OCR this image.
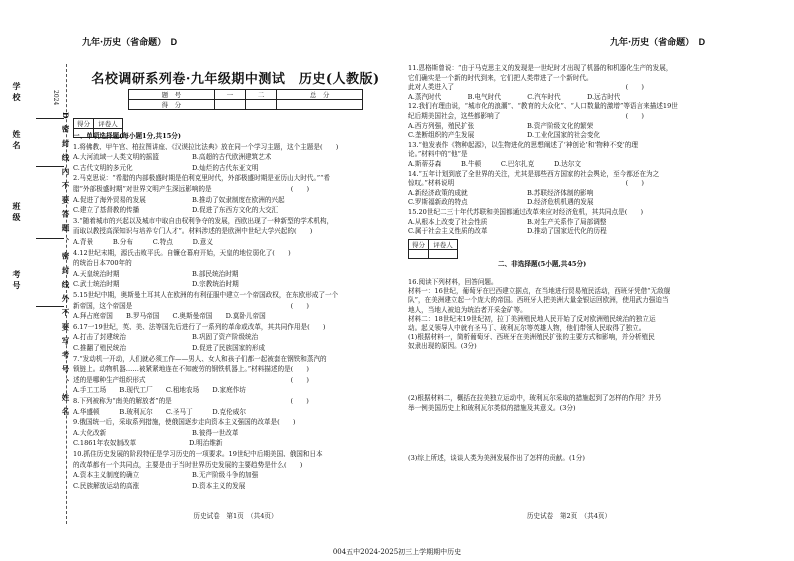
2024
学 校
姓 名
班 级
考 号	D 密 封 线 内 不 要 答 题 、 密 封 线 外 不 要 写 考 号 、 姓 名
九年·历史（省命题）　 D	九年·历史（省命题）　 D
名校调研系列卷·九年级期中测试　历史(人教版)
题　号	一	二	总　分
得　分			
得分	评卷人

一、单项选择题(每小题1分,共15分)
1.将佛教、甲午宫、柏拉图讲座、《汉谟拉比法典》放在同一个学习主题，这个主题是(　　)
A.大河流域一人类文明的摇篮　　　　　B.高超的古代欧洲建筑艺术
C.古代文明的多元化　　　　　　　　　D.灿烂的古代东亚文明
2.马克思说：“希腊的内部极盛时期是伯利克里时代，外部极盛时期是亚历山大时代。”“希
腊”外部极盛时期”对世界文明产生深远影响的是　　　　　　　　　　　　(　　)
A.促进了海外贸易的发展　　　　　　　B.推动了奴隶制度在欧洲的兴起
C.建立了基督教的传播　　　　　　　　D.促进了东西方文化的大交汇
3.“随着城市的兴起以及城市中取自由权利争夺的发展，西欧出现了一种新型的学术机构，
而取以教授高深知识与培养专门人才”。材料涉述的是欧洲中世纪大学兴起的(　　)
A.背景　　　B.分布　　　C.特点　　　D.意义
4.12世纪末期，源氏击败平氏。自镰仓幕府开始，天皇的地位弱化了(　　)
的统治日本700年的
A.天皇统治时期　　　　　　　　　　　B.部民统治时期
C.武士统治时期　　　　　　　　　　　D.宗教统治时期
5.15世纪中期，奥斯曼土耳其人在欧洲的有利征服中建立一个帝国政权，在东欧形成了一个
新帝国，这个帝国是　　　　　　　　　　　　　　　　　　　　　　　　(　　)
A.拜占庭帝国　　B.罗马帝国　　C.奥斯曼帝国　　D.莫卧儿帝国
6.17一19世纪，英、美、法等国先后进行了一系列的革命或改革，其共同作用是(　　)
A.打击了封建统治　　　　　　　　　　B.巩固了资产阶级统治
C.推翻了殖民统治　　　　　　　　　　D.促进了民族国家的形成
7.“发动机一开动，人们就必须工作——男人、女人和孩子们都一起被套在钢铁和蒸汽的
锁链上。动物机器……被紧紧地连在不知疲劳的钢铁机器上。”材料描述的是(　　)
述的是哪种生产组织形式　　　　　　　　　　　　　　　　　　　　　　(　　)
A.手工工场　　B.现代工厂　　C.租地农场　　D.家庭作坊
8.下列被称为“南美的解放者”的是　　　　　　　　　　　　　　　　　　(　　)
A.华盛顿　　　B.玻利瓦尔　　C.圣马丁　　　D.克伦威尔
9.俄国统一后，采取系列措施，使俄国逐步走向资本主义强国的改革是(　　)
A.大化改新　　　　　　　　　　　　　B.彼得一世改革
C.1861年农奴制改革　　　　　　　　D.明治维新
10.抓住历史发展的阶段特征是学习历史的一项要求。19世纪中后期美国、俄国和日本
的改革都有一个共同点，主要是由于当时世界历史发展的主要趋势是什么(　　)
A.资本主义制度的确立　　　　　　　　B.无产阶级斗争的加强
C.民族解放运动的高涨　　　　　　　　D.资本主义的发展
历史试卷　第1页　（共4页）
11.恩格斯曾说：“由于马克思主义的发现是一世纪时才出现了机器的和机器化生产的发展，
它们确实是一个新的时代到来，它们把人类带进了一个新时代。
此对人类进入了　　　　　　　　　　　　　　　　　　　　　　　　　　(　　)
A.蒸汽时代　　　　B.电气时代　　　　C.汽车时代　　　　D.远古时代
12.我们有理由说，“城市化的浪潮”、“教育的大众化”、“人口数量的激增”等语言来描述19世
纪后期美国社会，这些都影响了　　　　　　　　　　　　　　　　　　　(　　)
A.西方列强，殖民扩张　　　　　　　　B.资产阶级文化的繁荣
C.垄断组织的产生发展　　　　　　　　D.工业化国家的社会变化
13.“他发表作《物种起源》，以生物进化的思想阐述了‘神创论’和‘物种不变’的理
论。”材料中的“他”是
A.斯蒂芬森　　　B.牛顿　　　C.巴尔扎克　　　D.达尔文
14.“五年计划到底了全世界的关注，尤其是那些西方国家的社会舆论，至今都还在为之
惊叹。”材料说明　　　　　　　　　　　　　　　　　　　　　　　　　　(　　)
A.新经济政策的成就　　　　　　　　　B.苏联经济体制的影响
C.罗斯福新政的特点　　　　　　　　　D.经济危机机遇的发展
15.20世纪二三十年代苏联和美国都通过改革来应对经济危机，其共同点是(　　)
A.从根本上改变了社会性质　　　　　　B.对生产关系作了局部调整
C.属于社会主义性质的改革　　　　　　D.推动了国家近代化的历程
得分	评卷人

二、非选择题(5小题,共45分)
16.阅读下列材料，回答问题。
材料一：16世纪，葡萄牙在巴西建立据点，在当地进行贸易殖民活动，西班牙凭借“无敌舰
队”，在美洲建立起一个庞大的帝国。西班牙人把美洲大量金银运回欧洲，使用武力强迫当
地人，当地人被迫为统治者开采金矿等。
材料二：18世纪末19世纪初，拉丁美洲殖民地人民开始了反对欧洲殖民统治的独立运
动。起义领导人中就有圣马丁、玻利瓦尔等英雄人物，他们带领人民取得了独立。
(1)根据材料一，简析葡萄牙、西班牙在美洲殖民扩张的主要方式和影响，并分析殖民
奴隶出现的原因。(3分)
(2)根据材料二，概括在拉美独立运动中，玻利瓦尔采取的措施起到了怎样的作用？并另
举一例美国历史上和玻利瓦尔类似的措施及其意义。(3分)
(3)综上所述，谈谈人类为美洲发展作出了怎样的贡献。(1分)
历史试卷　第2页　（共4页）
004五中2024-2025初三上学期期中历史
